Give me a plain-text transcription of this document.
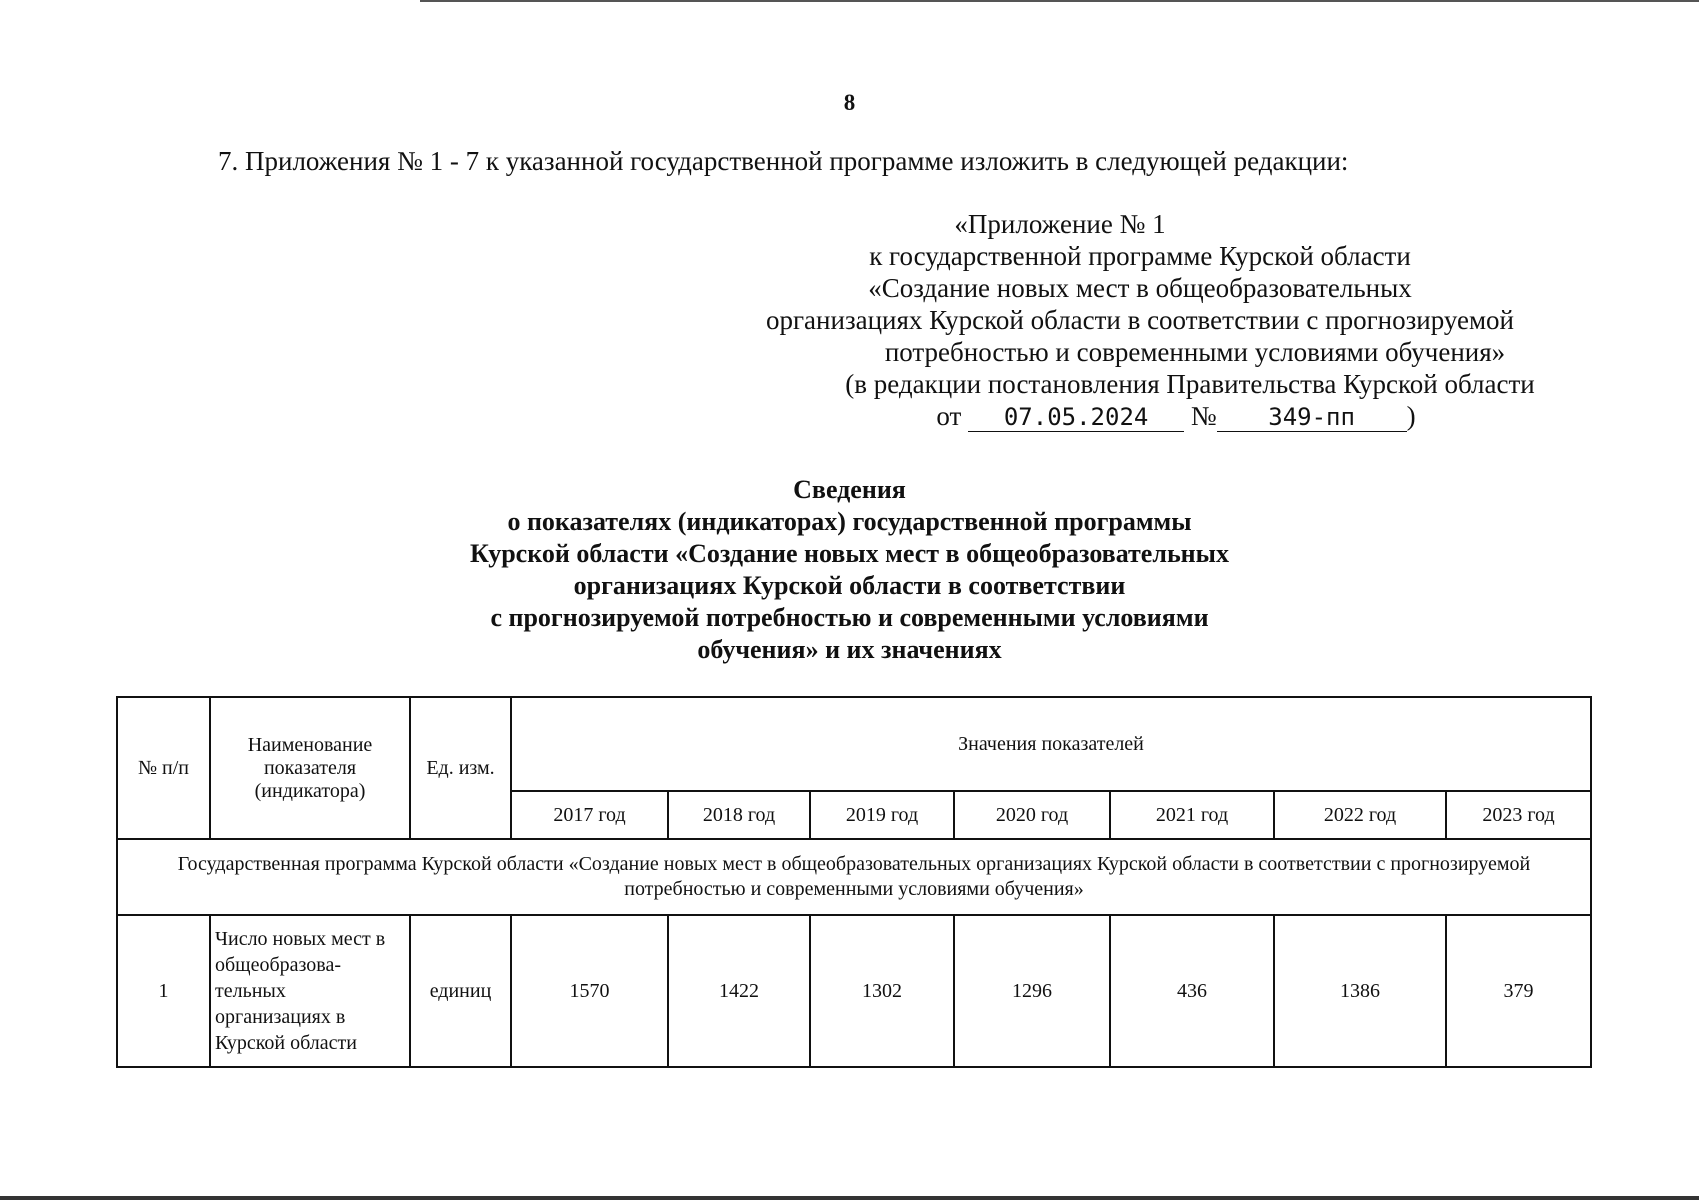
8
7. Приложения № 1 - 7 к указанной государственной программе изложить в следующей редакции:
«Приложение № 1
к государственной программе Курской области
«Создание новых мест в общеобразовательных
организациях Курской области в соответствии с прогнозируемой
потребностью и современными условиями обучения»
(в редакции постановления Правительства Курской области
от 07.05.2024 № 349-пп )
Сведения
о показателях (индикаторах) государственной программы
Курской области «Создание новых мест в общеобразовательных
организациях Курской области в соответствии
с прогнозируемой потребностью и современными условиями
обучения» и их значениях
№ п/п	Наименование показателя (индикатора)	Ед. изм.	Значения показателей						
			2017 год	2018 год	2019 год	2020 год	2021 год	2022 год	2023 год
Государственная программа Курской области «Создание новых мест в общеобразовательных организациях Курской области в соответствии с прогнозируемой потребностью и современными условиями обучения»									
1	Число новых мест в общеобразова-тельных организациях в Курской области	единиц	1570	1422	1302	1296	436	1386	379
